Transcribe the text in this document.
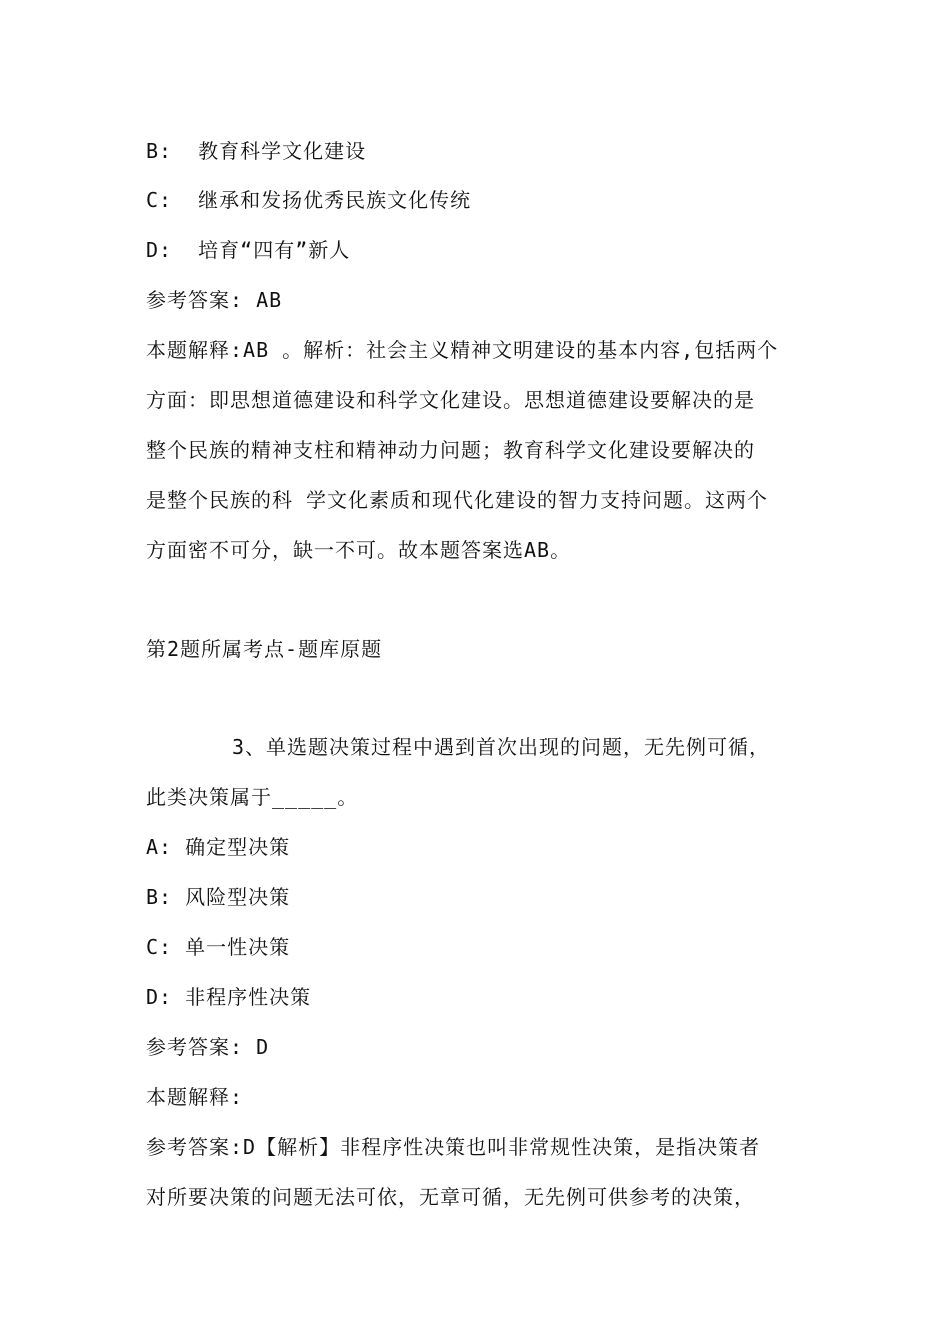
B:  教育科学文化建设
C:  继承和发扬优秀民族文化传统
D:  培育“四有”新人
参考答案: AB
本题解释:AB 。解析：社会主义精神文明建设的基本内容,包括两个
方面：即思想道德建设和科学文化建设。思想道德建设要解决的是
整个民族的精神支柱和精神动力问题；教育科学文化建设要解决的
是整个民族的科 学文化素质和现代化建设的智力支持问题。这两个
方面密不可分，缺一不可。故本题答案选AB。
第2题所属考点-题库原题
3、单选题决策过程中遇到首次出现的问题，无先例可循，
此类决策属于_____。
A: 确定型决策
B: 风险型决策
C: 单一性决策
D: 非程序性决策
参考答案: D
本题解释:
参考答案:D【解析】非程序性决策也叫非常规性决策，是指决策者
对所要决策的问题无法可依，无章可循，无先例可供参考的决策，
